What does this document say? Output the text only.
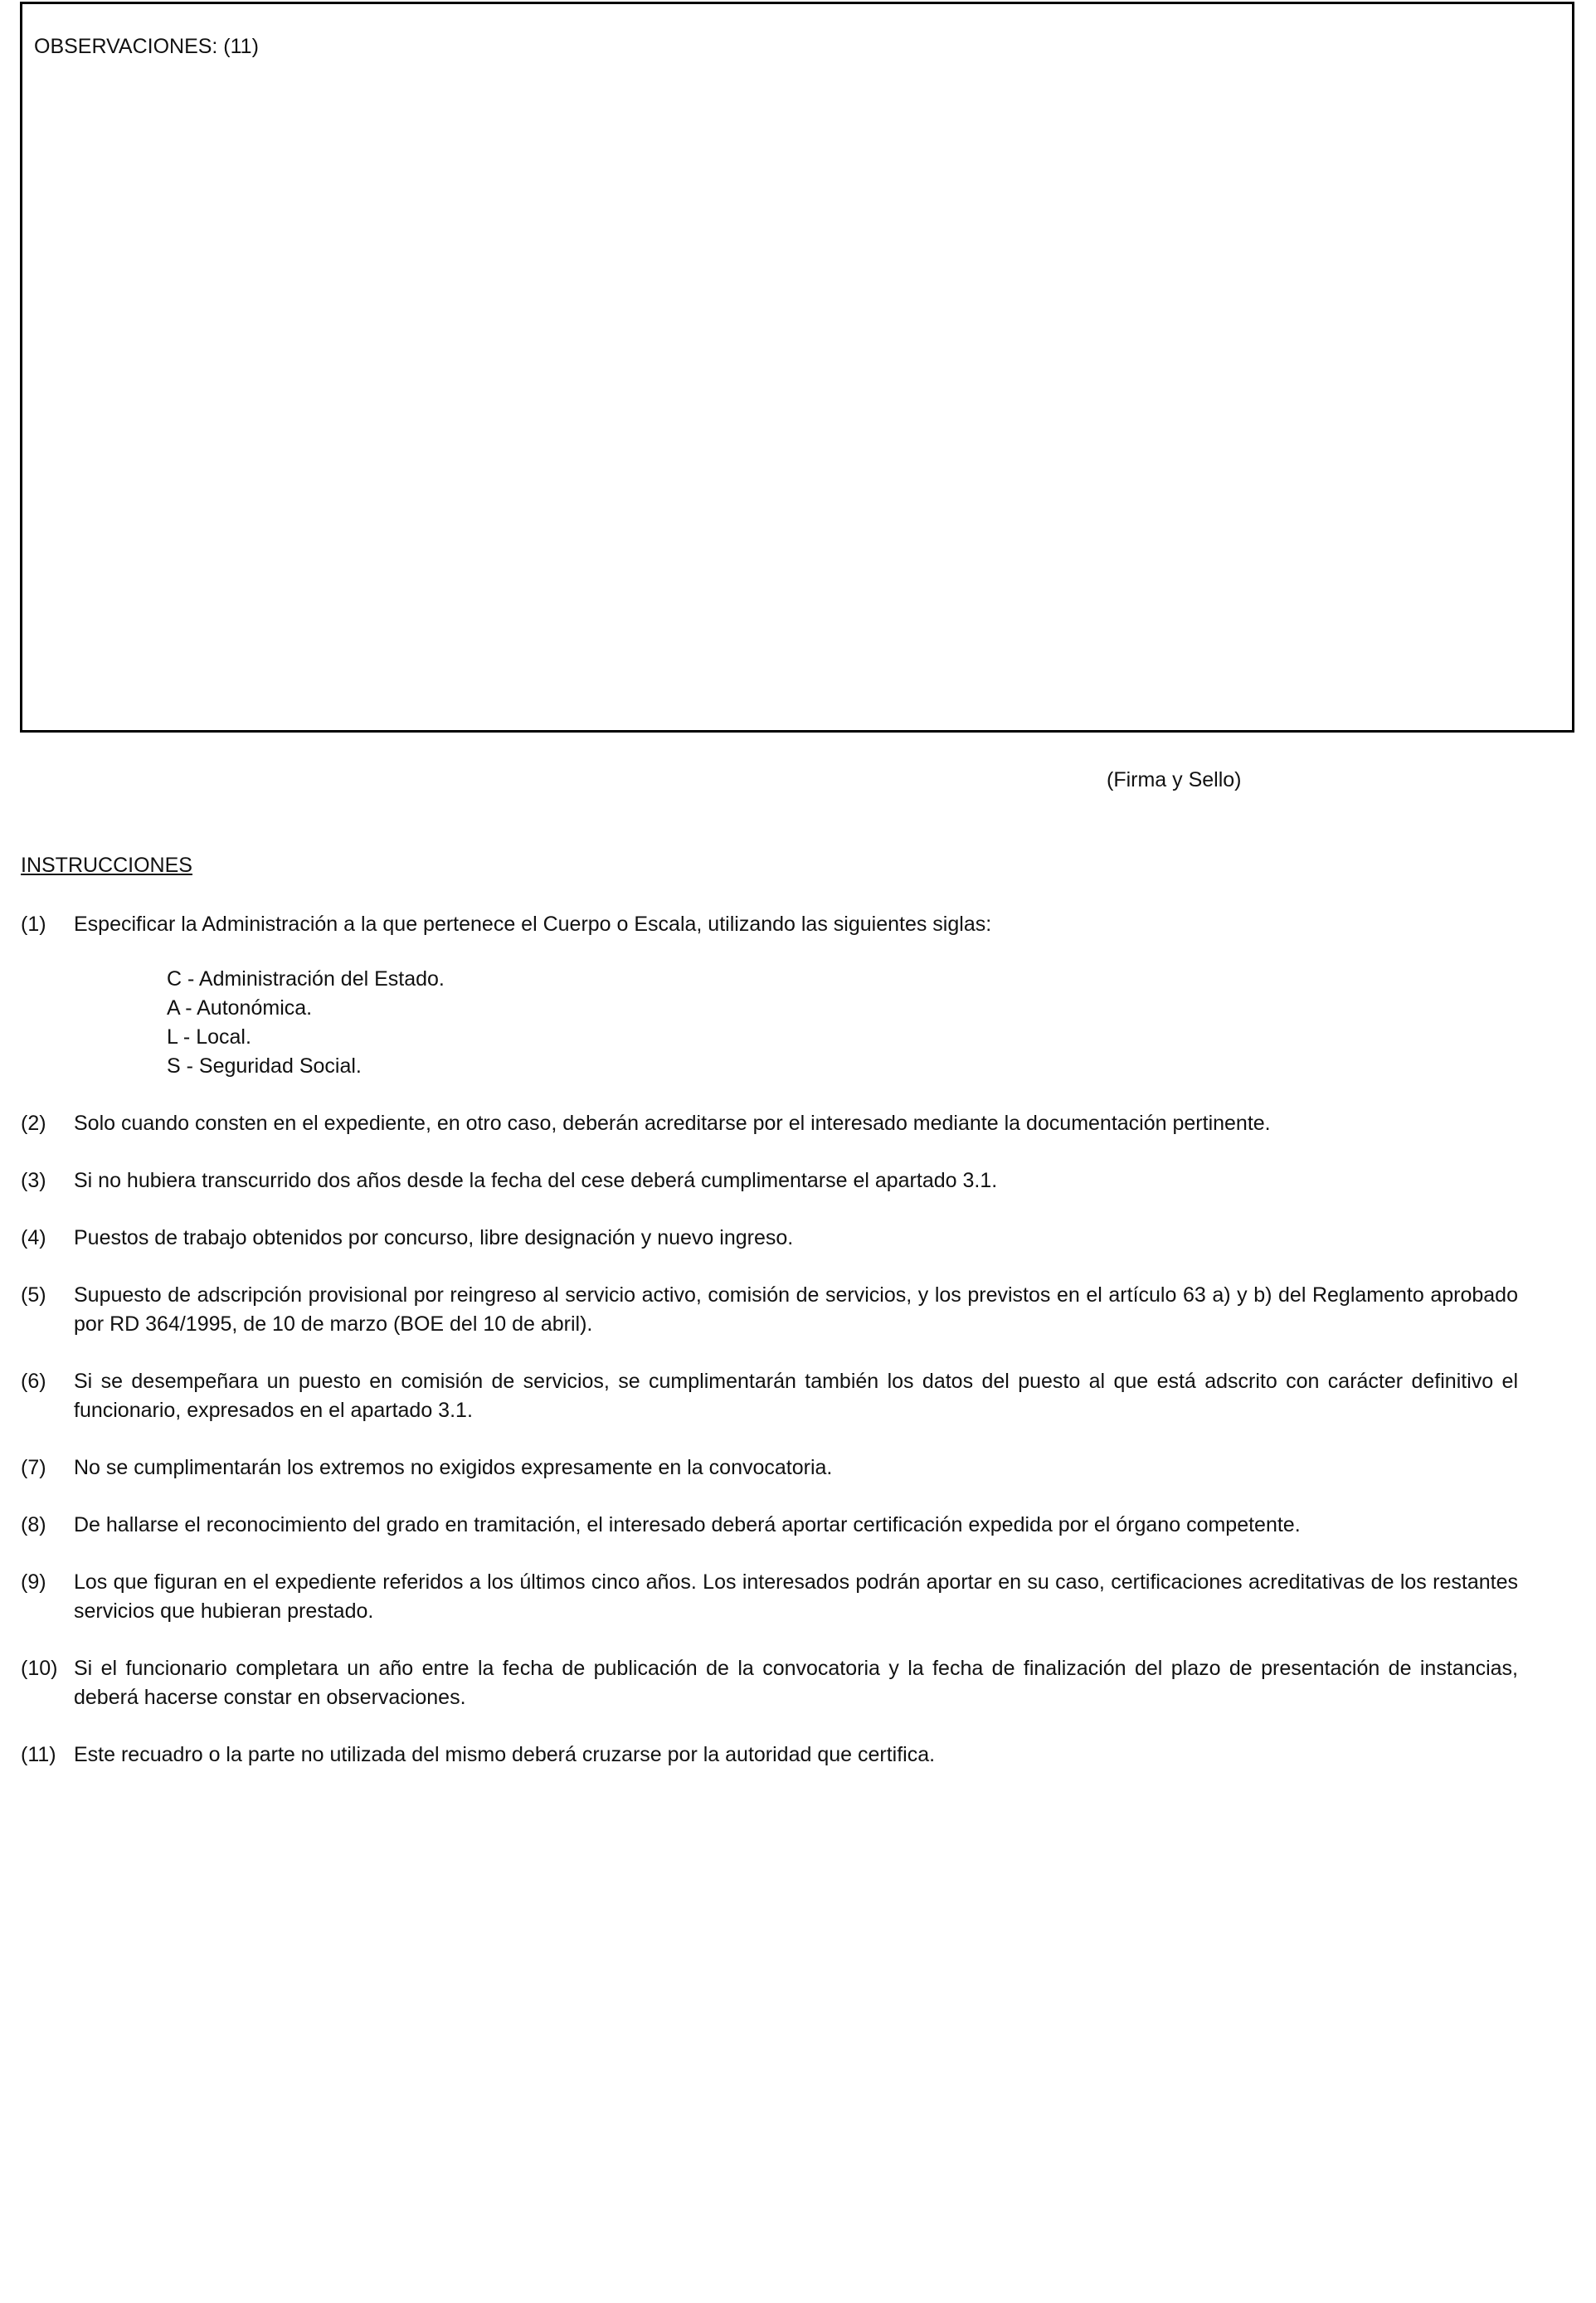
OBSERVACIONES: (11)
(Firma y Sello)
INSTRUCCIONES
(1)	Especificar la Administración a la que pertenece el Cuerpo o Escala, utilizando las siguientes siglas:
C - Administración del Estado.
A - Autonómica.
L - Local.
S - Seguridad Social.
(2)	Solo cuando consten en el expediente, en otro caso, deberán acreditarse por el interesado mediante la documentación pertinente.
(3)	Si no hubiera transcurrido dos años desde la fecha del cese deberá cumplimentarse el apartado 3.1.
(4)	Puestos de trabajo obtenidos por concurso, libre designación y nuevo ingreso.
(5)	Supuesto de adscripción provisional por reingreso al servicio activo, comisión de servicios, y los previstos en el artículo 63 a) y b) del Reglamento aprobado por RD 364/1995, de 10 de marzo (BOE del 10 de abril).
(6)	Si se desempeñara un puesto en comisión de servicios, se cumplimentarán también los datos del puesto al que está adscrito con carácter definitivo el funcionario, expresados en el apartado 3.1.
(7)	No se cumplimentarán los extremos no exigidos expresamente en la convocatoria.
(8)	De hallarse el reconocimiento del grado en tramitación, el interesado deberá aportar certificación expedida por el órgano competente.
(9)	Los que figuran en el expediente referidos a los últimos cinco años. Los interesados podrán aportar en su caso, certificaciones acreditativas de los restantes servicios que hubieran prestado.
(10) Si el funcionario completara un año entre la fecha de publicación de la convocatoria y la fecha de finalización del plazo de presentación de instancias, deberá hacerse constar en observaciones.
(11) Este recuadro o la parte no utilizada del mismo deberá cruzarse por la autoridad que certifica.
